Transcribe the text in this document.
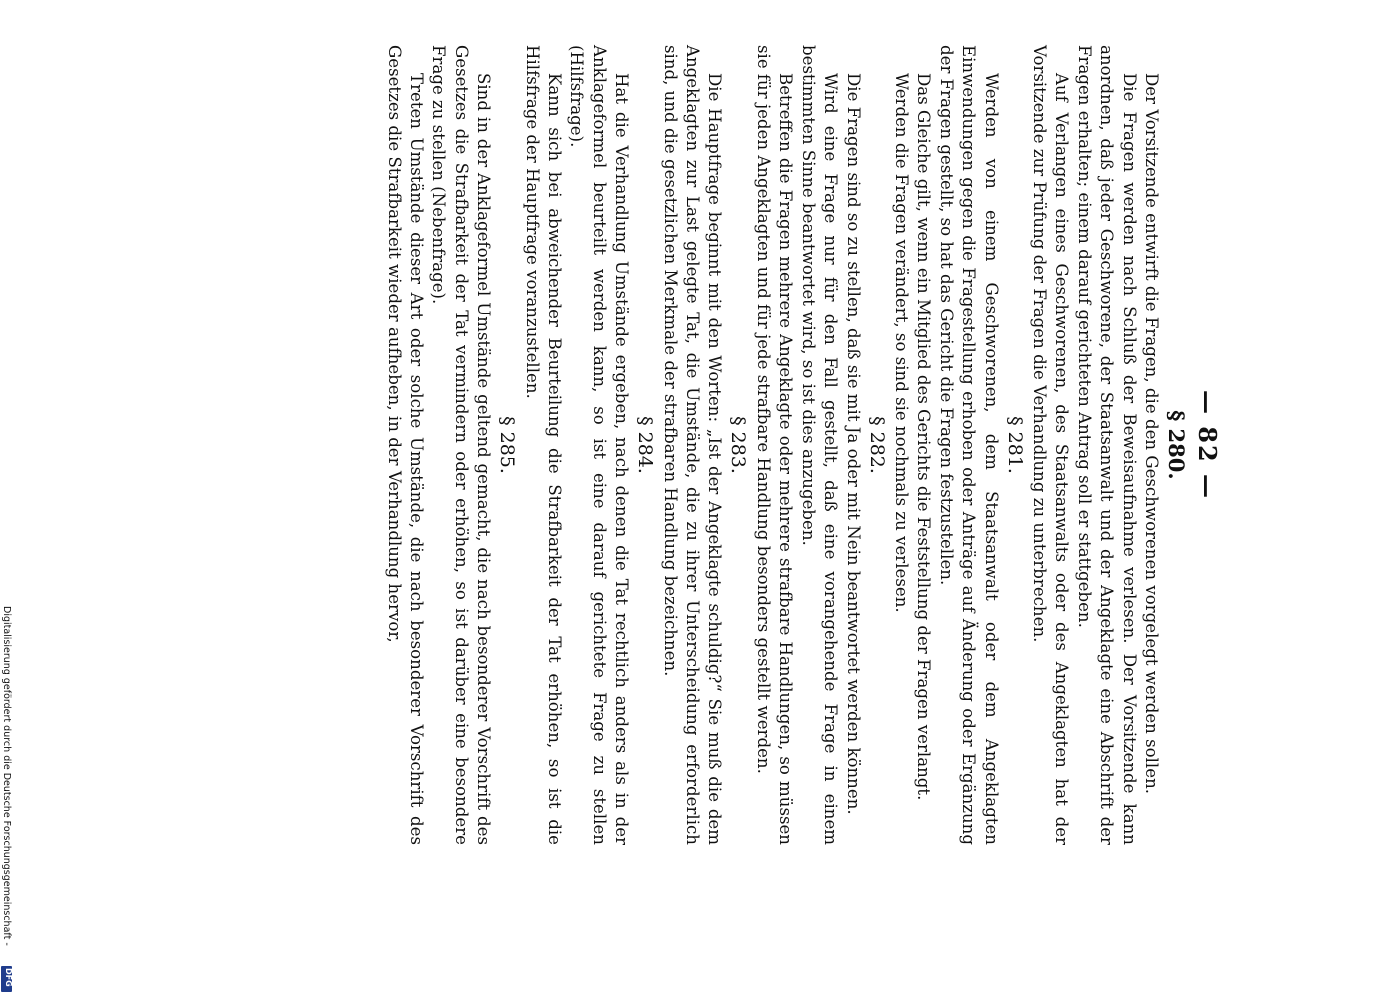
— 82 —
§ 280.

Der Vorsitzende entwirft die Fragen, die den Geschworenen vorgelegt werden sollen.

Die Fragen werden nach Schluß der Beweisaufnahme verlesen. Der Vorsitzende kann anordnen, daß jeder Geschworene, der Staatsanwalt und der Angeklagte eine Abschrift der Fragen erhalten; einem darauf gerichteten Antrag soll er stattgeben.

Auf Verlangen eines Geschworenen, des Staatsanwalts oder des Angeklagten hat der Vorsitzende zur Prüfung der Fragen die Verhandlung zu unterbrechen.

§ 281.

Werden von einem Geschworenen, dem Staatsanwalt oder dem Angeklagten Einwendungen gegen die Fragestellung erhoben oder Anträge auf Änderung oder Ergänzung der Fragen gestellt, so hat das Gericht die Fragen festzustellen.

Das Gleiche gilt, wenn ein Mitglied des Gerichts die Feststellung der Fragen verlangt.

Werden die Fragen verändert, so sind sie nochmals zu verlesen.

§ 282.

Die Fragen sind so zu stellen, daß sie mit Ja oder mit Nein beantwortet werden können.

Wird eine Frage nur für den Fall gestellt, daß eine vorangehende Frage in einem bestimmten Sinne beantwortet wird, so ist dies anzugeben.

Betreffen die Fragen mehrere Angeklagte oder mehrere strafbare Handlungen, so müssen sie für jeden Angeklagten und für jede strafbare Handlung besonders gestellt werden.

§ 283.

Die Hauptfrage beginnt mit den Worten: „Ist der Angeklagte schuldig?“ Sie muß die dem Angeklagten zur Last gelegte Tat, die Umstände, die zu ihrer Unterscheidung erforderlich sind, und die gesetzlichen Merkmale der strafbaren Handlung bezeichnen.

§ 284.

Hat die Verhandlung Umstände ergeben, nach denen die Tat rechtlich anders als in der Anklageformel beurteilt werden kann, so ist eine darauf gerichtete Frage zu stellen (Hilfsfrage).

Kann sich bei abweichender Beurteilung die Strafbarkeit der Tat erhöhen, so ist die Hilfsfrage der Hauptfrage voranzustellen.

§ 285.

Sind in der Anklageformel Umstände geltend gemacht, die nach besonderer Vorschrift des Gesetzes die Strafbarkeit der Tat vermindern oder erhöhen, so ist darüber eine besondere Frage zu stellen (Nebenfrage).

Treten Umstände dieser Art oder solche Umstände, die nach besonderer Vorschrift des Gesetzes die Strafbarkeit wieder aufheben, in der Verhandlung hervor,

Digitalisierung gefördert durch die Deutsche Forschungsgemeinschaft -
DFG
